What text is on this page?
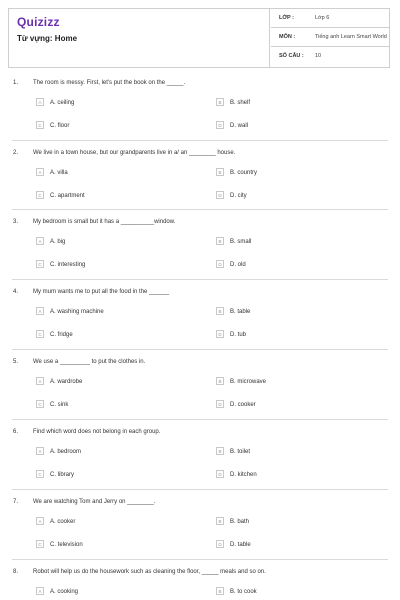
Quizizz
Từ vựng: Home
LỚP :	Lớp 6
MÔN :	Tiếng anh Learn Smart World
SỐ CÂU : 10
1. The room is messy. First, let's put the book on the _____.
A	A. ceiling	B	B. shelf
C	C. floor	D	D. wall
2. We live in a town house, but our grandparents live in a/ an ________ house.
A	A. villa	B	B. country
C	C. apartment	D	D. city
3. My bedroom is small but it has a __________window.
A	A. big	B	B. small
C	C. interesting	D	D. old
4. My mum wants me to put all the food in the ______
A	A. washing machine	B	B. table
C	C. fridge	D	D. tub
5. We use a _________ to put the clothes in.
A	A. wardrobe	B	B. microwave
C	C. sink	D	D. cooker
6. Find which word does not belong in each group.
A	A. bedroom	B	B. toilet
C	C. library	D	D. kitchen
7. We are watching Tom and Jerry on ________.
A	A. cooker	B	B. bath
C	C. television	D	D. table
8. Robot will help us do the housework such as cleaning the floor, _____ meals and so on.
A	A. cooking	B	B. to cook
